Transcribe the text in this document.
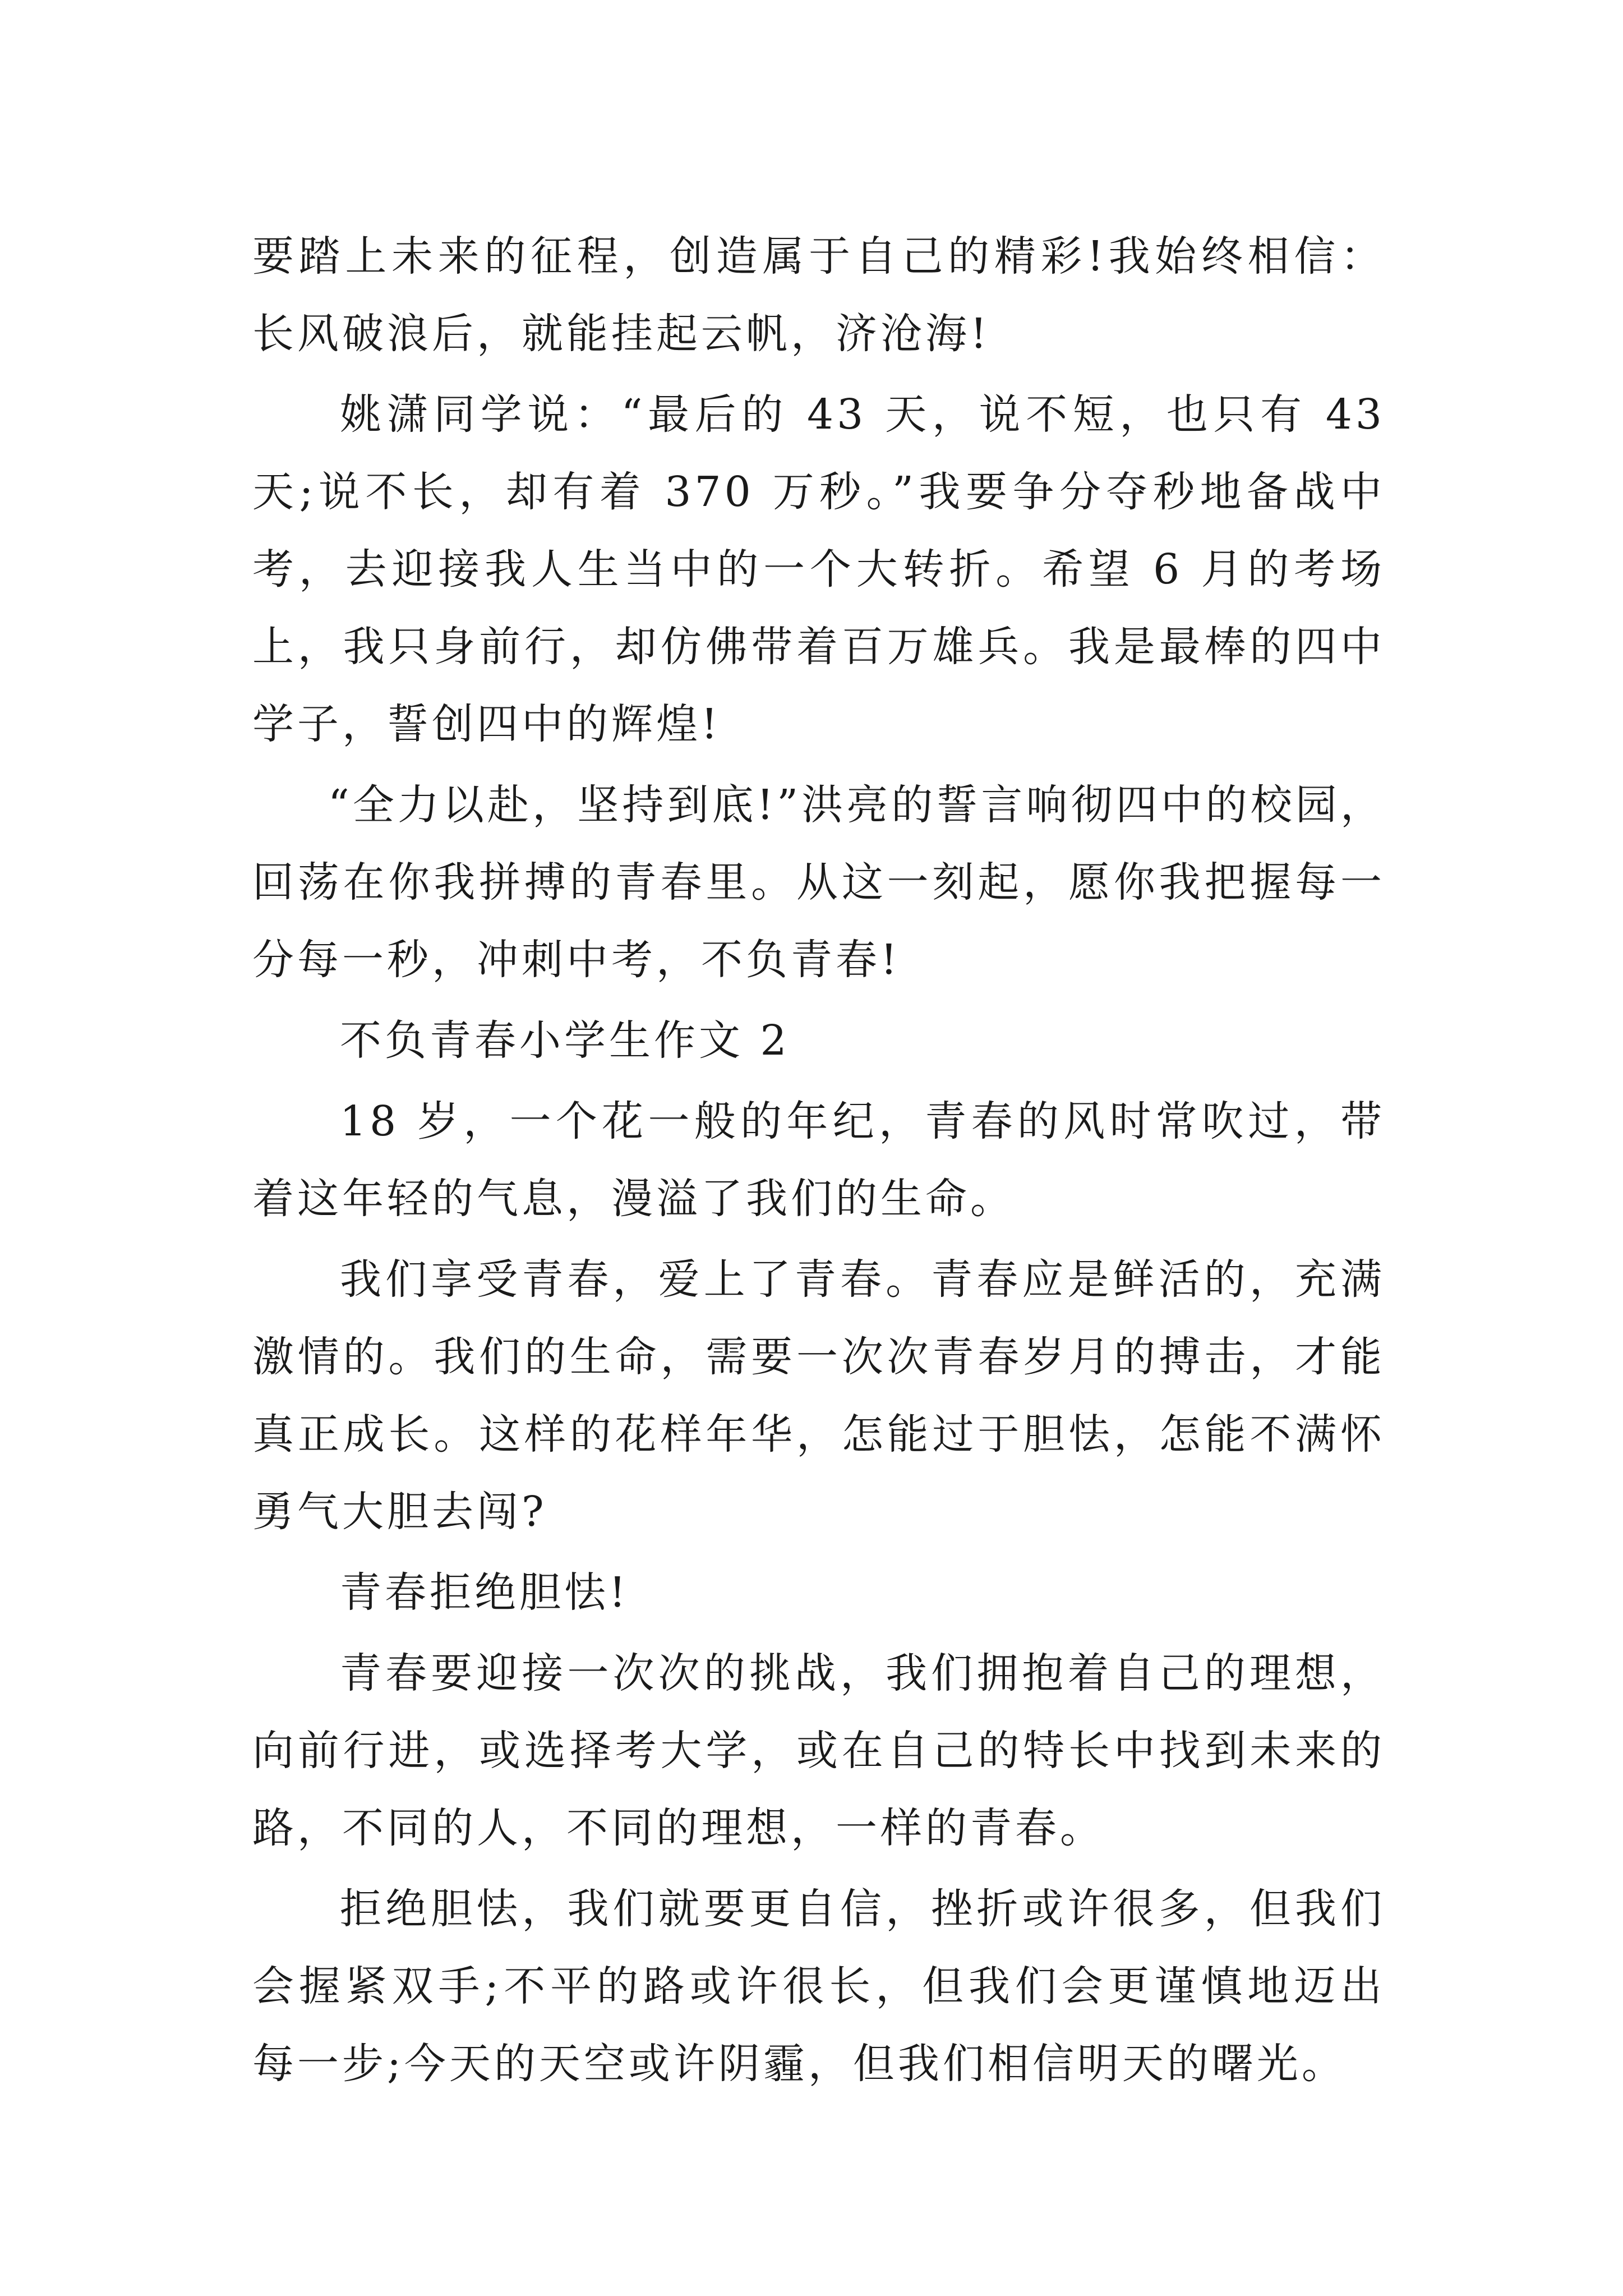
要踏上未来的征程，创造属于自己的精彩!我始终相信：长风破浪后，就能挂起云帆，济沧海!

姚潇同学说：“最后的 43 天，说不短，也只有 43 天;说不长，却有着 370 万秒。”我要争分夺秒地备战中考，去迎接我人生当中的一个大转折。希望 6 月的考场上，我只身前行，却仿佛带着百万雄兵。我是最棒的四中学子，誓创四中的辉煌!

“全力以赴，坚持到底!”洪亮的誓言响彻四中的校园，回荡在你我拼搏的青春里。从这一刻起，愿你我把握每一分每一秒，冲刺中考，不负青春!

不负青春小学生作文 2

18 岁，一个花一般的年纪，青春的风时常吹过，带着这年轻的气息，漫溢了我们的生命。

我们享受青春，爱上了青春。青春应是鲜活的，充满激情的。我们的生命，需要一次次青春岁月的搏击，才能真正成长。这样的花样年华，怎能过于胆怯，怎能不满怀勇气大胆去闯?

青春拒绝胆怯!

青春要迎接一次次的挑战，我们拥抱着自己的理想，向前行进，或选择考大学，或在自己的特长中找到未来的路，不同的人，不同的理想，一样的青春。

拒绝胆怯，我们就要更自信，挫折或许很多，但我们会握紧双手;不平的路或许很长，但我们会更谨慎地迈出每一步;今天的天空或许阴霾，但我们相信明天的曙光。
